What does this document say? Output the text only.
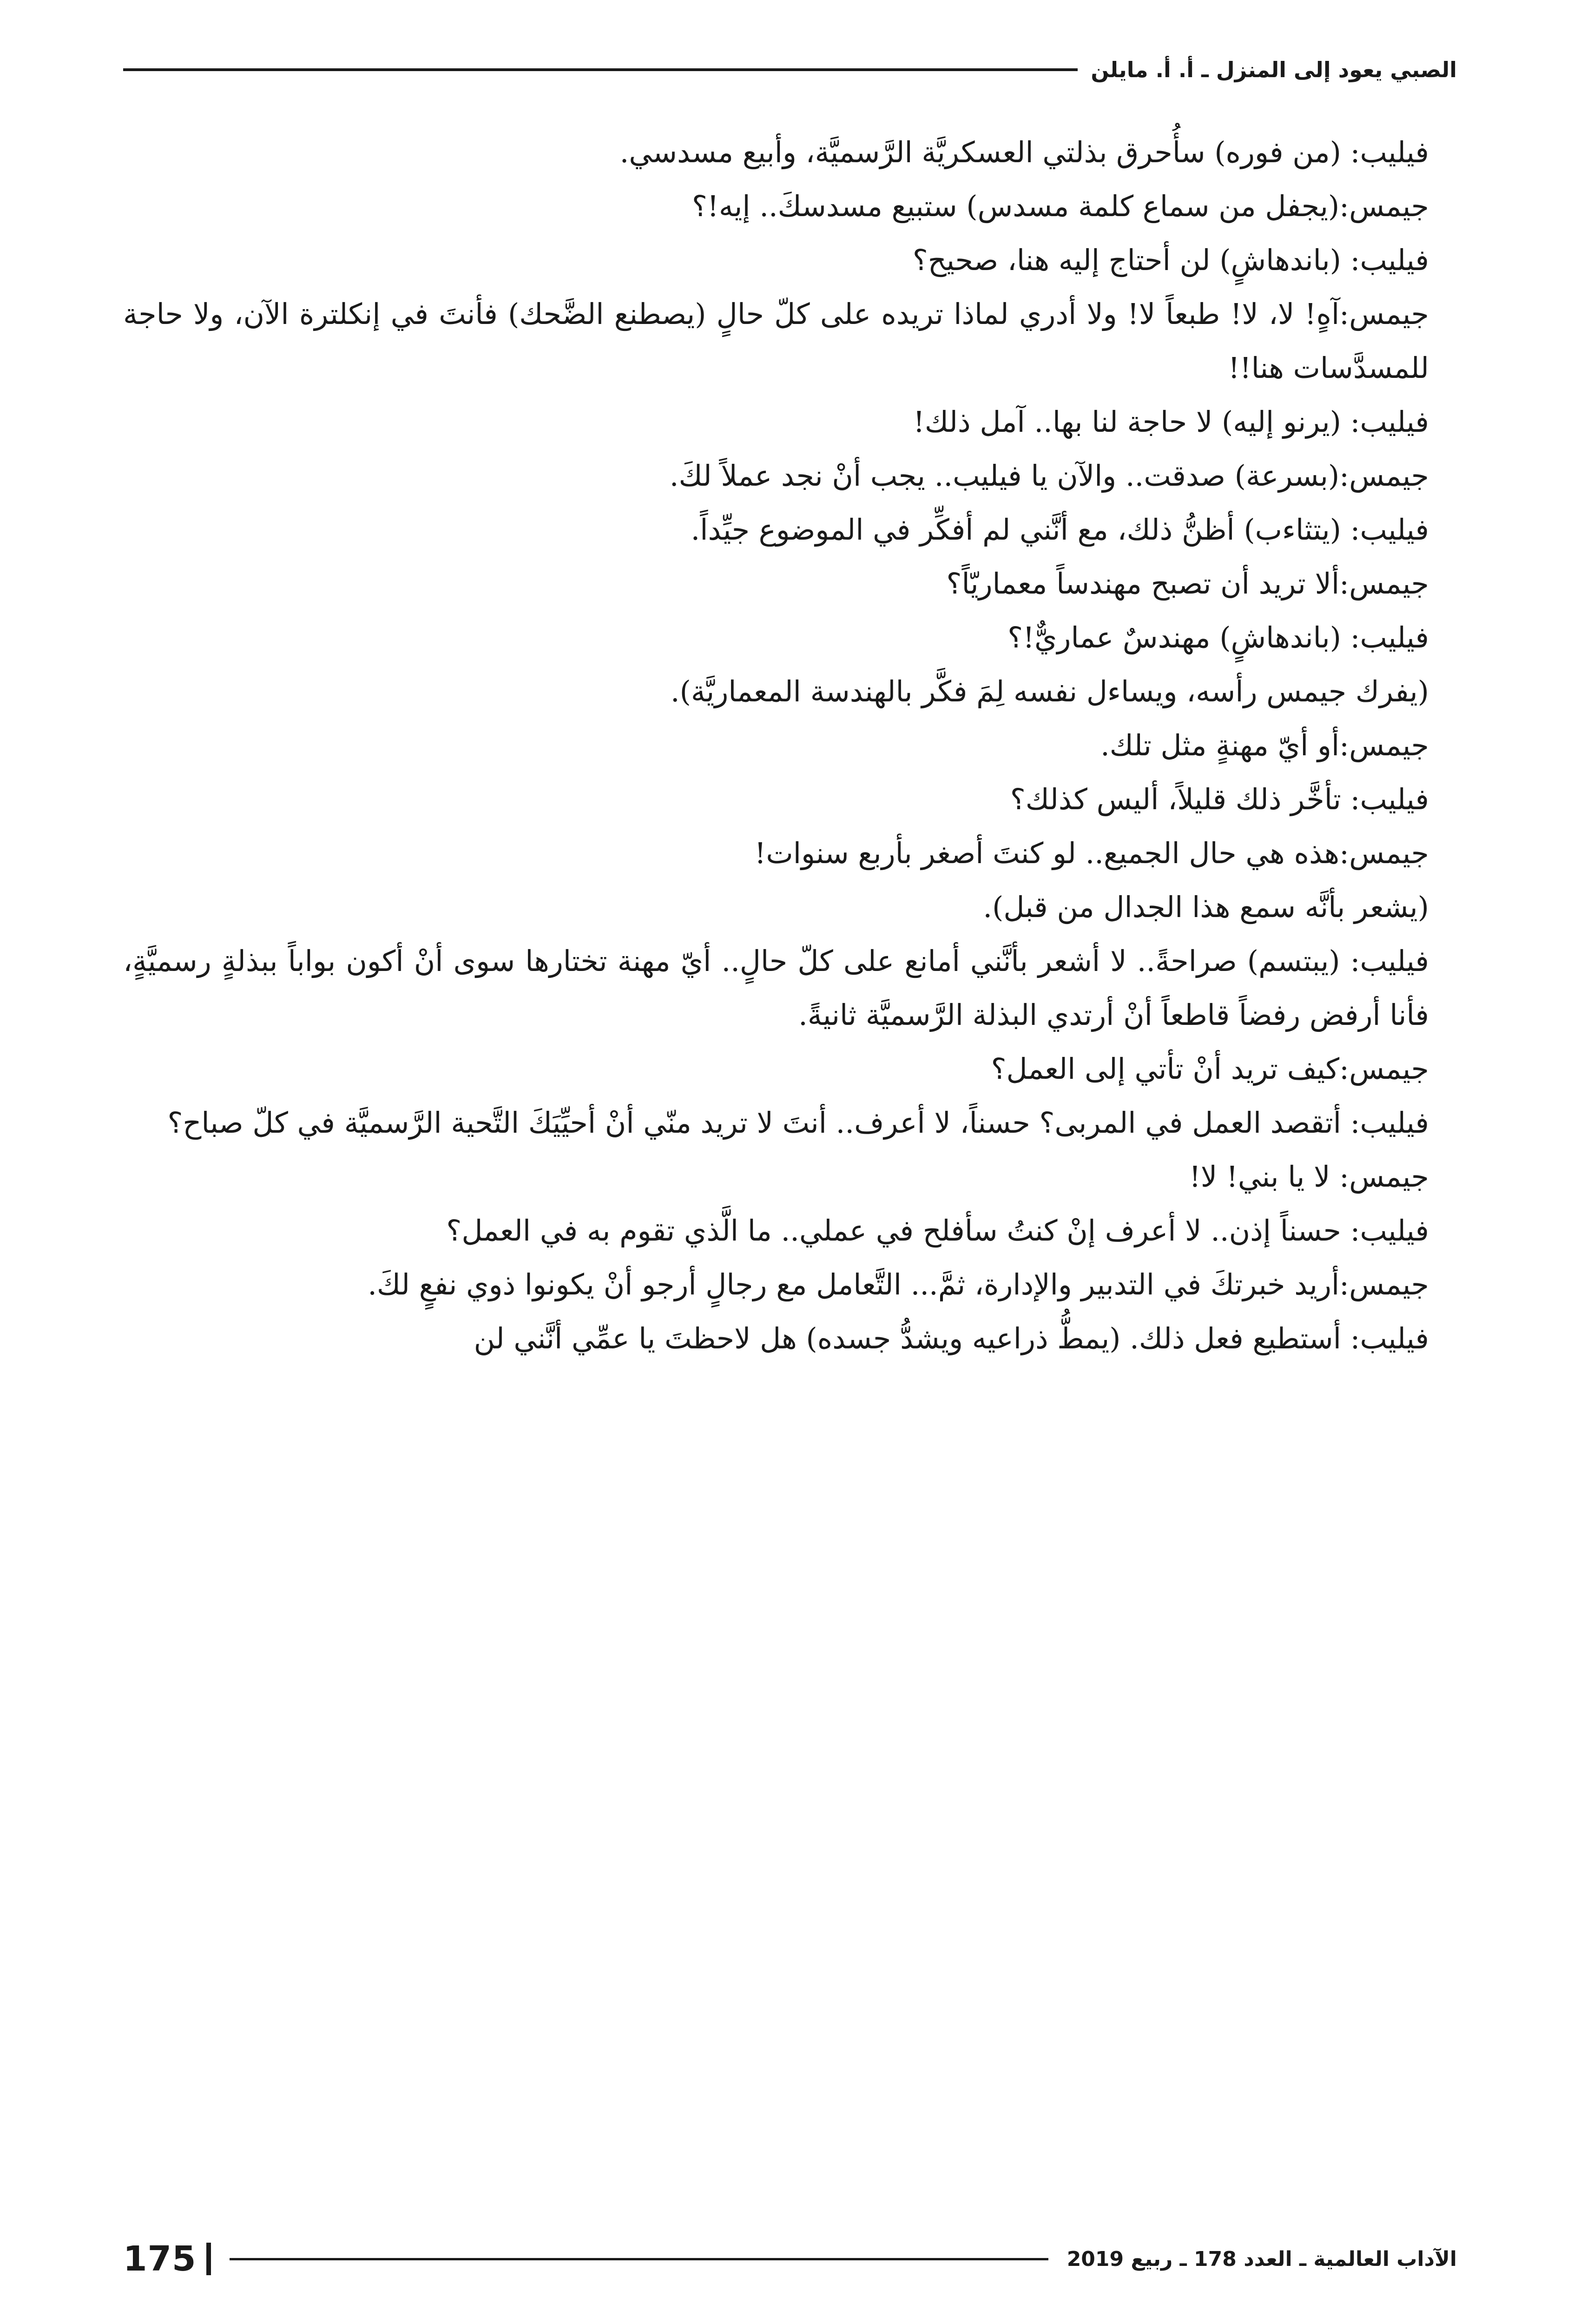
الصبي يعود إلى المنزل ـ أ. أ. مايلن

فيليب: (من فوره) سأُحرق بذلتي العسكريَّة الرَّسميَّة، وأبيع مسدسي.

جيمس:(يجفل من سماع كلمة مسدس) ستبيع مسدسكَ.. إيه!؟

فيليب: (باندهاشٍ) لن أحتاج إليه هنا، صحيح؟

جيمس:آهٍ! لا، لا! طبعاً لا! ولا أدري لماذا تريده على كلّ حالٍ (يصطنع الضَّحك) فأنتَ في إنكلترة الآن، ولا حاجة للمسدَّسات هنا!!

فيليب: (يرنو إليه) لا حاجة لنا بها.. آمل ذلك!

جيمس:(بسرعة) صدقت.. والآن يا فيليب.. يجب أنْ نجد عملاً لكَ.

فيليب: (يتثاءب) أظنُّ ذلك، مع أنَّني لم أفكِّر في الموضوع جيِّداً.

جيمس:ألا تريد أن تصبح مهندساً معماريّاً؟

فيليب: (باندهاشٍ) مهندسٌ عماريٌّ!؟

(يفرك جيمس رأسه، ويساءل نفسه لِمَ فكَّر بالهندسة المعماريَّة).

جيمس:أو أيّ مهنةٍ مثل تلك.

فيليب: تأخَّر ذلك قليلاً، أليس كذلك؟

جيمس:هذه هي حال الجميع.. لو كنتَ أصغر بأربع سنوات!

(يشعر بأنَّه سمع هذا الجدال من قبل).

فيليب: (يبتسم) صراحةً.. لا أشعر بأنَّني أمانع على كلّ حالٍ.. أيّ مهنة تختارها سوى أنْ أكون بواباً ببذلةٍ رسميَّةٍ، فأنا أرفض رفضاً قاطعاً أنْ أرتدي البذلة الرَّسميَّة ثانيةً.

جيمس:كيف تريد أنْ تأتي إلى العمل؟

فيليب: أتقصد العمل في المربى؟ حسناً، لا أعرف.. أنتَ لا تريد منّي أنْ أحيِّيَكَ التَّحية الرَّسميَّة في كلّ صباح؟

جيمس: لا يا بني! لا!

فيليب: حسناً إذن.. لا أعرف إنْ كنتُ سأفلح في عملي.. ما الَّذي تقوم به في العمل؟

جيمس:أريد خبرتكَ في التدبير والإدارة، ثمَّ... التَّعامل مع رجالٍ أرجو أنْ يكونوا ذوي نفعٍ لكَ.

فيليب: أستطيع فعل ذلك. (يمطُّ ذراعيه ويشدُّ جسده) هل لاحظتَ يا عمِّي أنَّني لن

الآداب العالمية ـ العدد 178 ـ ربيع 2019
175
